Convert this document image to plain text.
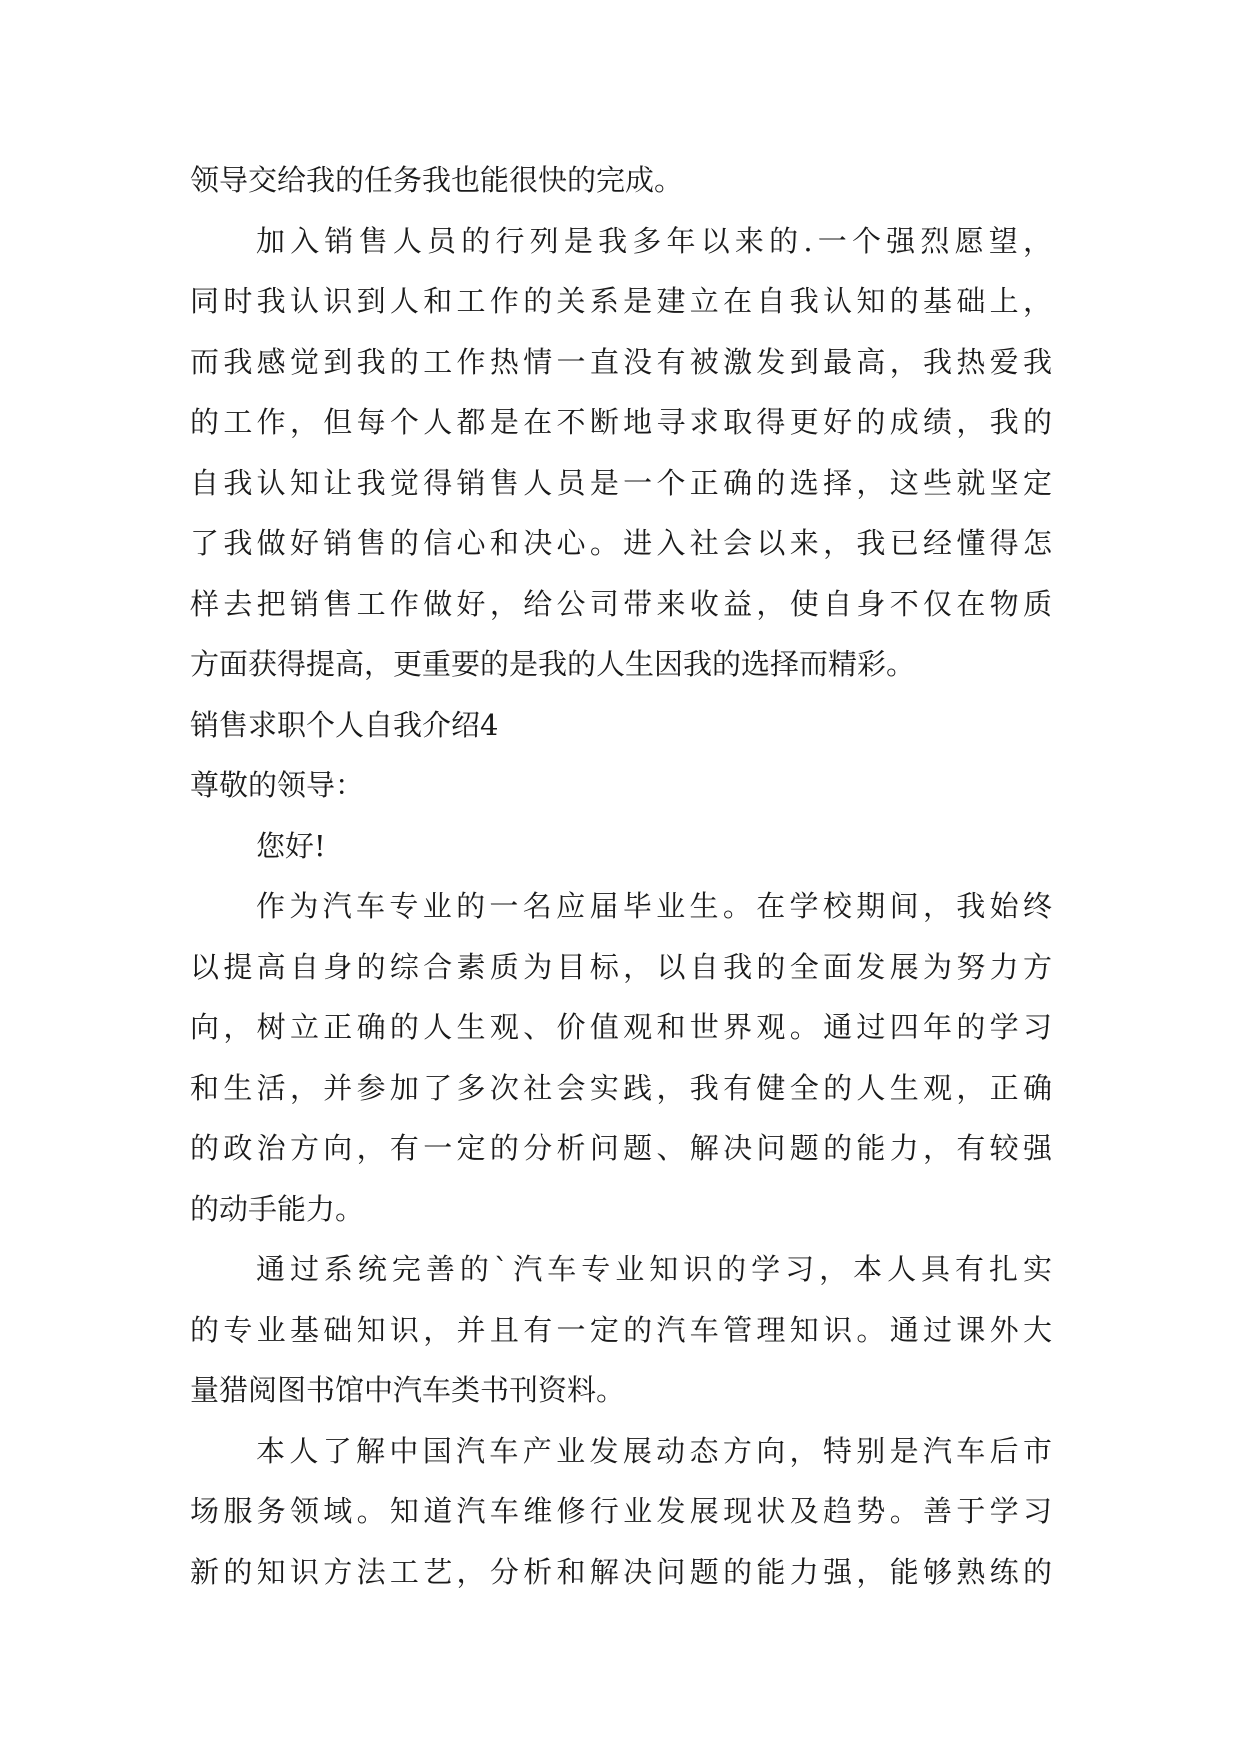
领导交给我的任务我也能很快的完成。
加入销售人员的行列是我多年以来的.一个强烈愿望，
同时我认识到人和工作的关系是建立在自我认知的基础上，
而我感觉到我的工作热情一直没有被激发到最高，我热爱我
的工作，但每个人都是在不断地寻求取得更好的成绩，我的
自我认知让我觉得销售人员是一个正确的选择，这些就坚定
了我做好销售的信心和决心。进入社会以来，我已经懂得怎
样去把销售工作做好，给公司带来收益，使自身不仅在物质
方面获得提高，更重要的是我的人生因我的选择而精彩。
销售求职个人自我介绍4
尊敬的领导：
您好!
作为汽车专业的一名应届毕业生。在学校期间，我始终
以提高自身的综合素质为目标，以自我的全面发展为努力方
向，树立正确的人生观、价值观和世界观。通过四年的学习
和生活，并参加了多次社会实践，我有健全的人生观，正确
的政治方向，有一定的分析问题、解决问题的能力，有较强
的动手能力。
通过系统完善的`汽车专业知识的学习，本人具有扎实
的专业基础知识，并且有一定的汽车管理知识。通过课外大
量猎阅图书馆中汽车类书刊资料。
本人了解中国汽车产业发展动态方向，特别是汽车后市
场服务领域。知道汽车维修行业发展现状及趋势。善于学习
新的知识方法工艺，分析和解决问题的能力强，能够熟练的
